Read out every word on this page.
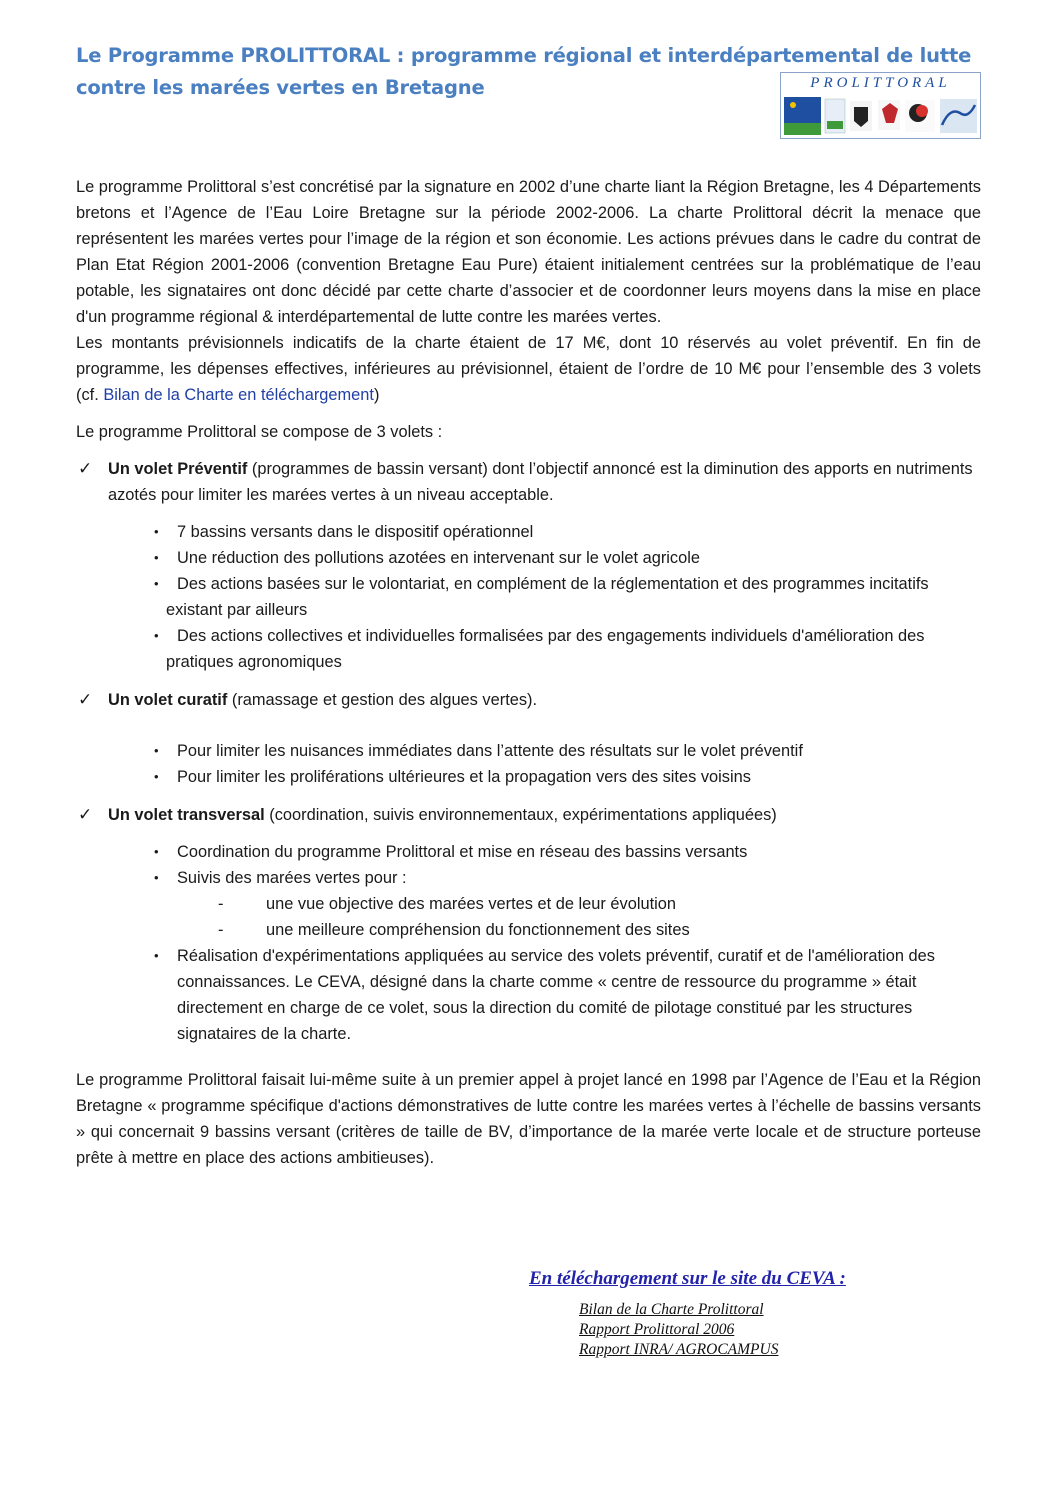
Le Programme PROLITTORAL : programme régional et interdépartemental de lutte contre les marées vertes en Bretagne	PROLITTORAL

Le programme Prolittoral s’est concrétisé par la signature en 2002 d’une charte liant la Région Bretagne, les 4 Départements bretons et l’Agence de l’Eau Loire Bretagne sur la période 2002-2006. La charte Prolittoral décrit la menace que représentent les marées vertes pour l’image de la région et son économie. Les actions prévues dans le cadre du contrat de Plan Etat Région 2001-2006 (convention Bretagne Eau Pure) étaient initialement centrées sur la problématique de l’eau potable, les signataires ont donc décidé par cette charte d’associer et de coordonner leurs moyens dans la mise en place d'un programme régional & interdépartemental de lutte contre les marées vertes.

Les montants prévisionnels indicatifs de la charte étaient de 17 M€, dont 10 réservés au volet préventif. En fin de programme, les dépenses effectives, inférieures au prévisionnel, étaient de l’ordre de 10 M€ pour l’ensemble des 3 volets (cf. Bilan de la Charte en téléchargement)

Le programme Prolittoral se compose de 3 volets :

✓ Un volet Préventif (programmes de bassin versant) dont l’objectif annoncé est la diminution des apports en nutriments azotés pour limiter les marées vertes à un niveau acceptable.
• 7 bassins versants dans le dispositif opérationnel
• Une réduction des pollutions azotées en intervenant sur le volet agricole
• Des actions basées sur le volontariat, en complément de la réglementation et des programmes incitatifs existant par ailleurs
• Des actions collectives et individuelles formalisées par des engagements individuels d'amélioration des pratiques agronomiques
✓ Un volet curatif (ramassage et gestion des algues vertes).
• Pour limiter les nuisances immédiates dans l’attente des résultats sur le volet préventif
• Pour limiter les proliférations ultérieures et la propagation vers des sites voisins
✓ Un volet transversal (coordination, suivis environnementaux, expérimentations appliquées)
• Coordination du programme Prolittoral et mise en réseau des bassins versants
• Suivis des marées vertes pour :
-	une vue objective des marées vertes et de leur évolution
-	une meilleure compréhension du fonctionnement des sites
• Réalisation d'expérimentations appliquées au service des volets préventif, curatif et de l'amélioration des connaissances. Le CEVA, désigné dans la charte comme « centre de ressource du programme » était directement en charge de ce volet, sous la direction du comité de pilotage constitué par les structures signataires de la charte.

Le programme Prolittoral faisait lui-même suite à un premier appel à projet lancé en 1998 par l’Agence de l’Eau et la Région Bretagne « programme spécifique d'actions démonstratives de lutte contre les marées vertes à l’échelle de bassins versants » qui concernait 9 bassins versant (critères de taille de BV, d’importance de la marée verte locale et de structure porteuse prête à mettre en place des actions ambitieuses).

En téléchargement sur le site du CEVA :
Bilan de la Charte Prolittoral
Rapport Prolittoral 2006
Rapport INRA/ AGROCAMPUS
